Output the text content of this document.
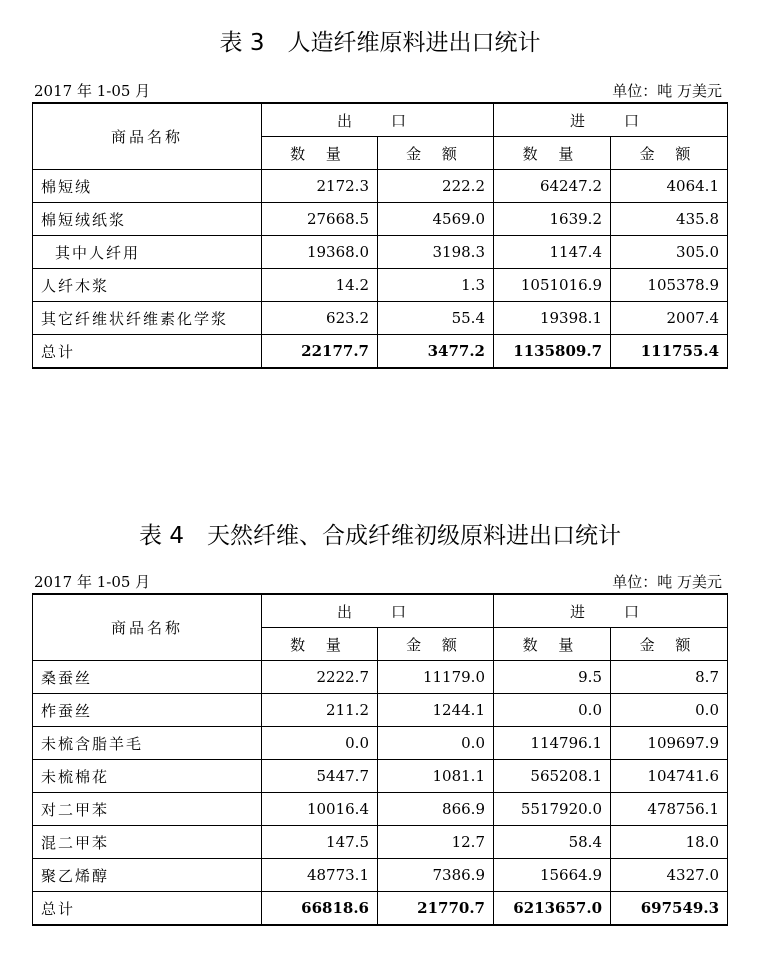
表 3　人造纤维原料进出口统计
2017 年 1-05 月	单位：吨 万美元
商品名称	出　口		进　口	
	数 量	金 额	数 量	金 额
棉短绒	2172.3	222.2	64247.2	4064.1
棉短绒纸浆	27668.5	4569.0	1639.2	435.8
其中人纤用	19368.0	3198.3	1147.4	305.0
人纤木浆	14.2	1.3	1051016.9	105378.9
其它纤维状纤维素化学浆	623.2	55.4	19398.1	2007.4
总计	22177.7	3477.2	1135809.7	111755.4
表 4　天然纤维、合成纤维初级原料进出口统计
2017 年 1-05 月	单位：吨 万美元
商品名称	出　口		进　口	
	数 量	金 额	数 量	金 额
桑蚕丝	2222.7	11179.0	9.5	8.7
柞蚕丝	211.2	1244.1	0.0	0.0
未梳含脂羊毛	0.0	0.0	114796.1	109697.9
未梳棉花	5447.7	1081.1	565208.1	104741.6
对二甲苯	10016.4	866.9	5517920.0	478756.1
混二甲苯	147.5	12.7	58.4	18.0
聚乙烯醇	48773.1	7386.9	15664.9	4327.0
总计	66818.6	21770.7	6213657.0	697549.3
